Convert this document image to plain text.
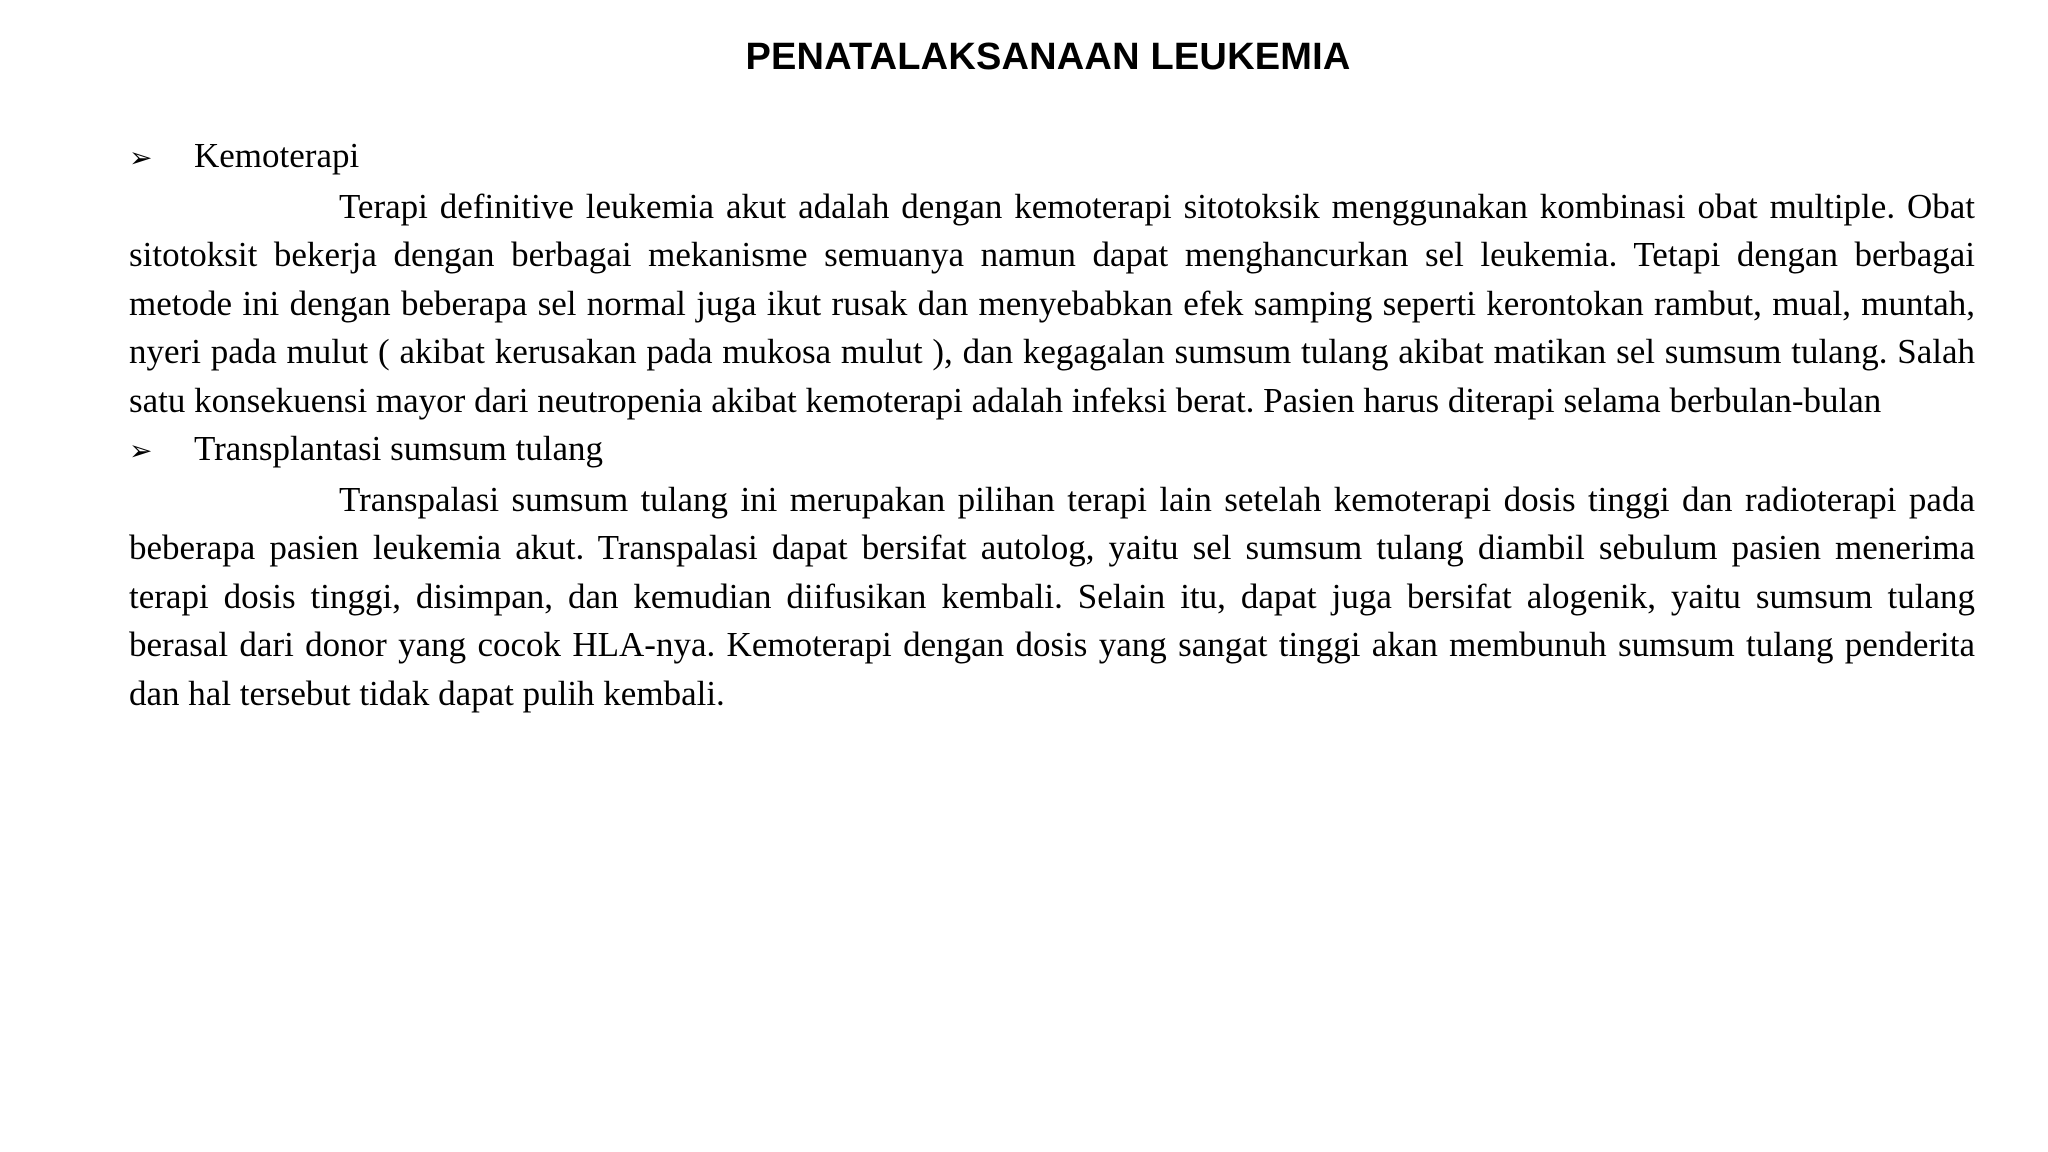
PENATALAKSANAAN LEUKEMIA
➢	Kemoterapi

Terapi definitive leukemia akut adalah dengan kemoterapi sitotoksik menggunakan kombinasi obat multiple. Obat sitotoksit bekerja dengan berbagai mekanisme semuanya namun dapat menghancurkan sel leukemia. Tetapi dengan berbagai metode ini dengan beberapa sel normal juga ikut rusak dan menyebabkan efek samping seperti kerontokan rambut, mual, muntah, nyeri pada mulut ( akibat kerusakan pada mukosa mulut ), dan kegagalan sumsum tulang akibat matikan sel sumsum tulang. Salah satu konsekuensi mayor dari neutropenia akibat kemoterapi adalah infeksi berat. Pasien harus diterapi selama berbulan-bulan

➢	Transplantasi sumsum tulang

Transpalasi sumsum tulang ini merupakan pilihan terapi lain setelah kemoterapi dosis tinggi dan radioterapi pada beberapa pasien leukemia akut. Transpalasi dapat bersifat autolog, yaitu sel sumsum tulang diambil sebulum pasien menerima terapi dosis tinggi, disimpan, dan kemudian diifusikan kembali. Selain itu, dapat juga bersifat alogenik, yaitu sumsum tulang berasal dari donor yang cocok HLA-nya. Kemoterapi dengan dosis yang sangat tinggi akan membunuh sumsum tulang penderita dan hal tersebut tidak dapat pulih kembali.
